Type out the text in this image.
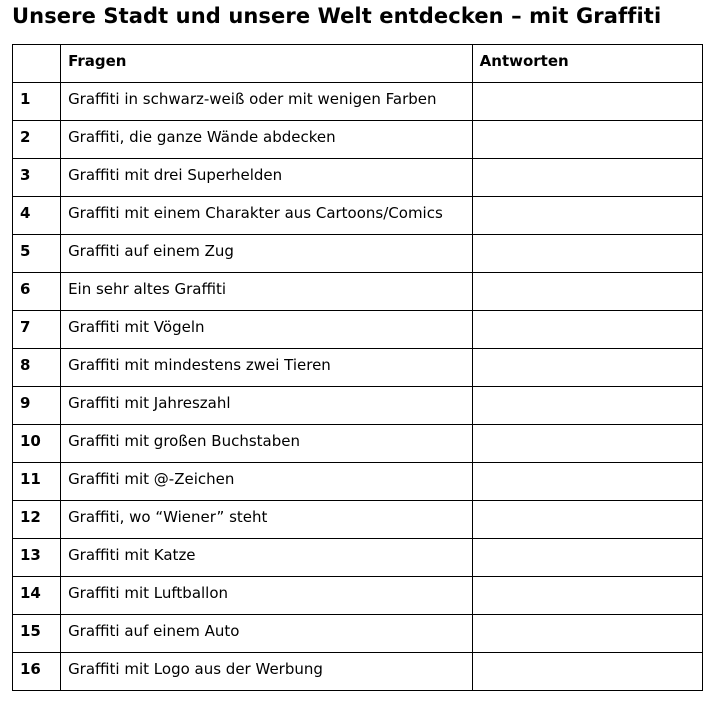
Unsere Stadt und unsere Welt entdecken – mit Graffiti

	Fragen	Antworten

1	Graffiti in schwarz-weiß oder mit wenigen Farben	

2	Graffiti, die ganze Wände abdecken	

3	Graffiti mit drei Superhelden	

4	Graffiti mit einem Charakter aus Cartoons/Comics	

5	Graffiti auf einem Zug	

6	Ein sehr altes Graffiti	

7	Graffiti mit Vögeln	

8	Graffiti mit mindestens zwei Tieren	

9	Graffiti mit Jahreszahl	

10	Graffiti mit großen Buchstaben	

11	Graffiti mit @-Zeichen	

12	Graffiti, wo “Wiener” steht	

13	Graffiti mit Katze	

14	Graffiti mit Luftballon	

15	Graffiti auf einem Auto	

16	Graffiti mit Logo aus der Werbung	
